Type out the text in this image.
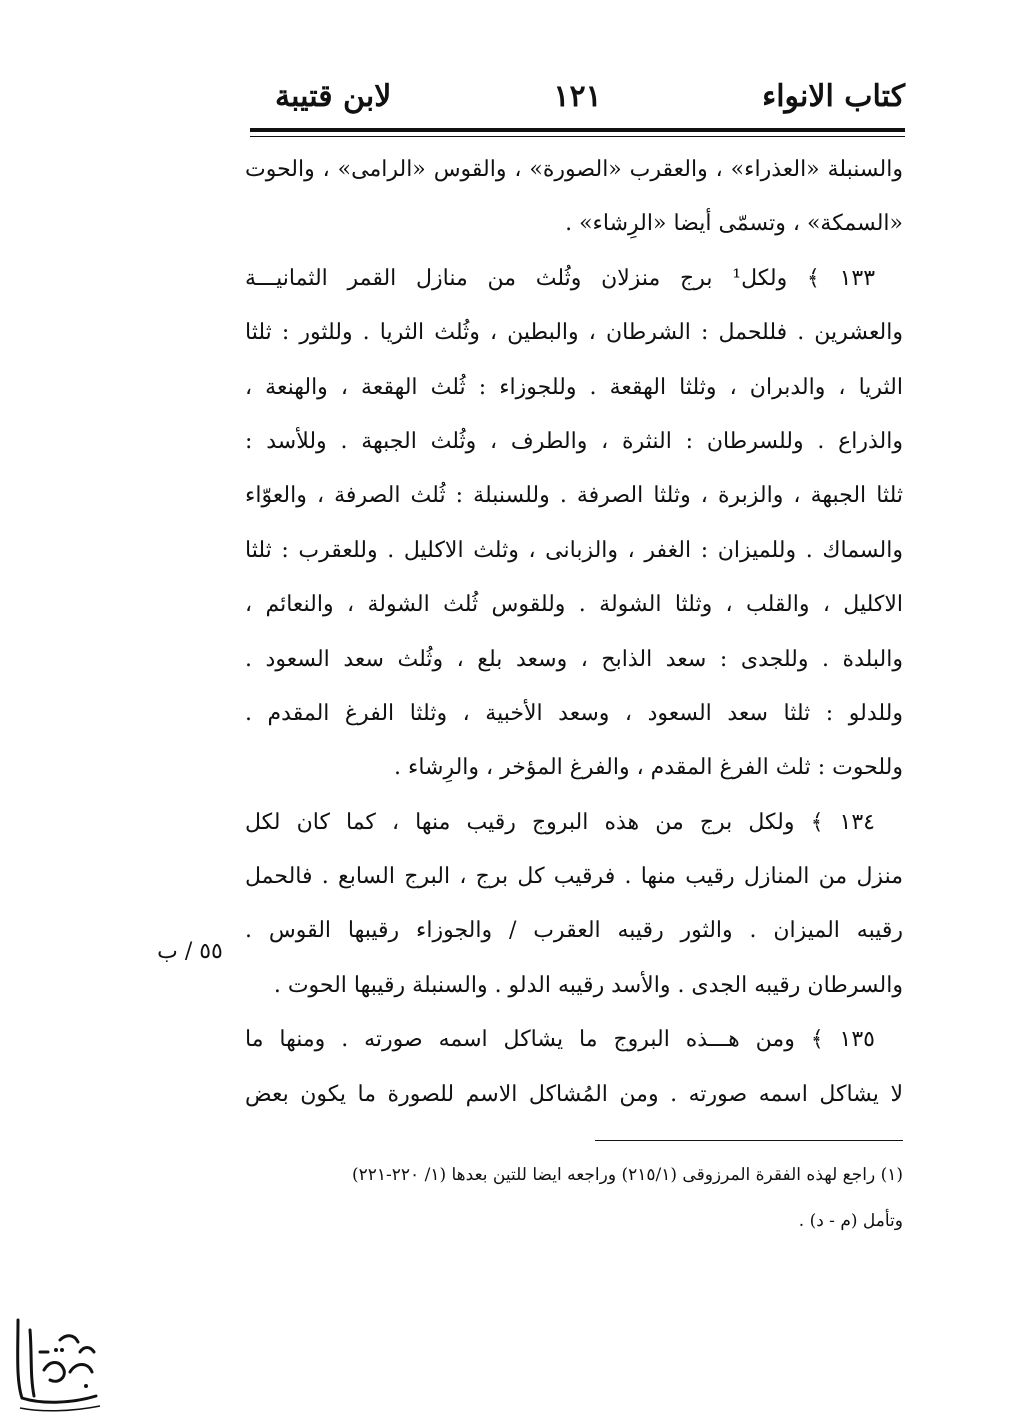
كتاب الانواء
١٢١
لابن قتيبة
والسنبلة «العذراء» ، والعقرب «الصورة» ، والقوس «الرامى» ، والحوت
«السمكة» ، وتسمّى أيضا «الرِشاء» .
١٣٣ ﴾ ولكل¹ برج منزلان وثُلث من منازل القمر الثمانيـــة
والعشرين . فللحمل : الشرطان ، والبطين ، وثُلث الثريا . وللثور : ثلثا
الثريا ، والدبران ، وثلثا الهقعة . وللجوزاء : ثُلث الهقعة ، والهنعة ،
والذراع . وللسرطان : النثرة ، والطرف ، وثُلث الجبهة . وللأسد :
ثلثا الجبهة ، والزبرة ، وثلثا الصرفة . وللسنبلة : ثُلث الصرفة ، والعوّاء
والسماك . وللميزان : الغفر ، والزبانى ، وثلث الاكليل . وللعقرب : ثلثا
الاكليل ، والقلب ، وثلثا الشولة . وللقوس ثُلث الشولة ، والنعائم ،
والبلدة . وللجدى : سعد الذابح ، وسعد بلع ، وثُلث سعد السعود .
وللدلو : ثلثا سعد السعود ، وسعد الأخبية ، وثلثا الفرغ المقدم .
وللحوت : ثلث الفرغ المقدم ، والفرغ المؤخر ، والرِشاء .
١٣٤ ﴾ ولكل برج من هذه البروج رقيب منها ، كما كان لكل
منزل من المنازل رقيب منها . فرقيب كل برج ، البرج السابع . فالحمل
رقيبه الميزان . والثور رقيبه العقرب / والجوزاء رقيبها القوس .
والسرطان رقيبه الجدى . والأسد رقيبه الدلو . والسنبلة رقيبها الحوت .
١٣٥ ﴾ ومن هـــذه البروج ما يشاكل اسمه صورته . ومنها ما
لا يشاكل اسمه صورته . ومن المُشاكل الاسم للصورة ما يكون بعض
٥٥ / ب
(١) راجع لهذه الفقرة المرزوقى (٢١٥/١) وراجعه ايضا للتين بعدها (١/ ٢٢٠-٢٢١)
وتأمل (م - د) .
